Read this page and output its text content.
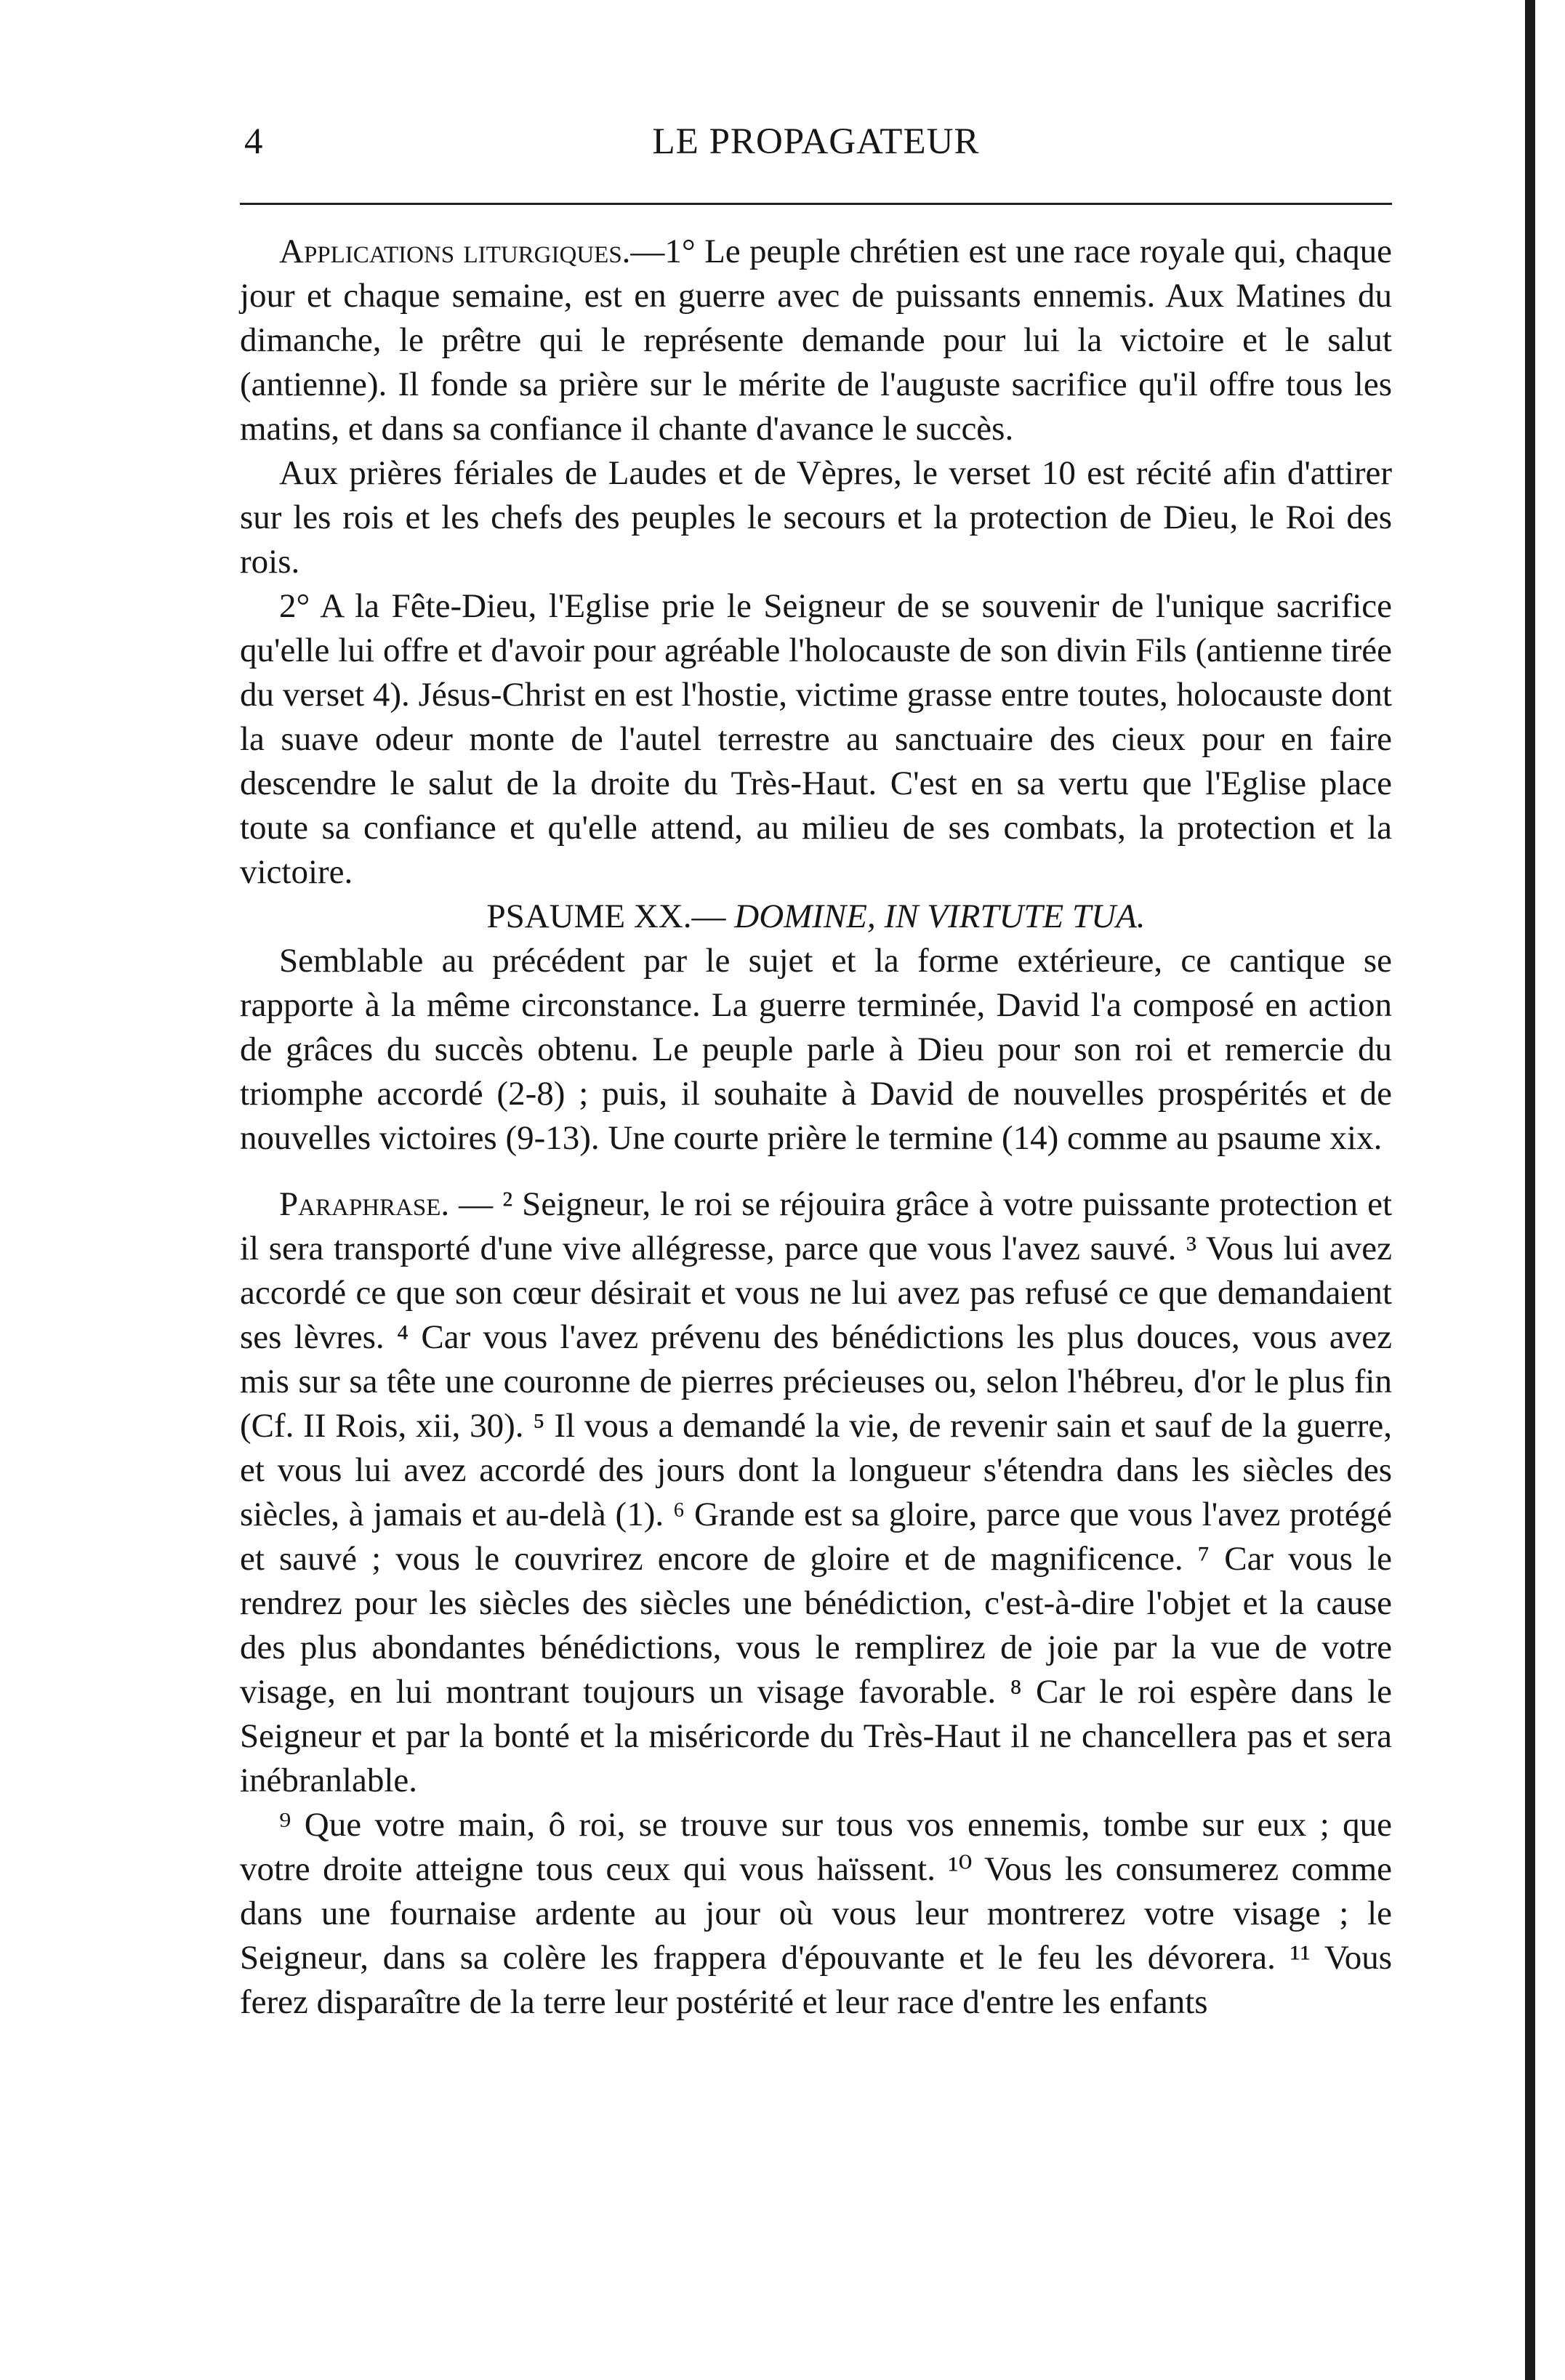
4	LE PROPAGATEUR

Applications liturgiques.—1° Le peuple chrétien est une race royale qui, chaque jour et chaque semaine, est en guerre avec de puissants ennemis. Aux Matines du dimanche, le prêtre qui le représente demande pour lui la victoire et le salut (antienne). Il fonde sa prière sur le mérite de l'auguste sacrifice qu'il offre tous les matins, et dans sa confiance il chante d'avance le succès.

Aux prières fériales de Laudes et de Vèpres, le verset 10 est récité afin d'attirer sur les rois et les chefs des peuples le secours et la protection de Dieu, le Roi des rois.

2° A la Fête-Dieu, l'Eglise prie le Seigneur de se souvenir de l'unique sacrifice qu'elle lui offre et d'avoir pour agréable l'holocauste de son divin Fils (antienne tirée du verset 4). Jésus-Christ en est l'hostie, victime grasse entre toutes, holocauste dont la suave odeur monte de l'autel terrestre au sanctuaire des cieux pour en faire descendre le salut de la droite du Très-Haut. C'est en sa vertu que l'Eglise place toute sa confiance et qu'elle attend, au milieu de ses combats, la protection et la victoire.

PSAUME XX.— DOMINE, IN VIRTUTE TUA.

Semblable au précédent par le sujet et la forme extérieure, ce cantique se rapporte à la même circonstance. La guerre terminée, David l'a composé en action de grâces du succès obtenu. Le peuple parle à Dieu pour son roi et remercie du triomphe accordé (2-8) ; puis, il souhaite à David de nouvelles prospérités et de nouvelles victoires (9-13). Une courte prière le termine (14) comme au psaume xix.

Paraphrase. — ² Seigneur, le roi se réjouira grâce à votre puissante protection et il sera transporté d'une vive allégresse, parce que vous l'avez sauvé. ³ Vous lui avez accordé ce que son cœur désirait et vous ne lui avez pas refusé ce que demandaient ses lèvres. ⁴ Car vous l'avez prévenu des bénédictions les plus douces, vous avez mis sur sa tête une couronne de pierres précieuses ou, selon l'hébreu, d'or le plus fin (Cf. II Rois, xii, 30). ⁵ Il vous a demandé la vie, de revenir sain et sauf de la guerre, et vous lui avez accordé des jours dont la longueur s'étendra dans les siècles des siècles, à jamais et au-delà (1). ⁶ Grande est sa gloire, parce que vous l'avez protégé et sauvé ; vous le couvrirez encore de gloire et de magnificence. ⁷ Car vous le rendrez pour les siècles des siècles une bénédiction, c'est-à-dire l'objet et la cause des plus abondantes bénédictions, vous le remplirez de joie par la vue de votre visage, en lui montrant toujours un visage favorable. ⁸ Car le roi espère dans le Seigneur et par la bonté et la miséricorde du Très-Haut il ne chancellera pas et sera inébranlable.

⁹ Que votre main, ô roi, se trouve sur tous vos ennemis, tombe sur eux ; que votre droite atteigne tous ceux qui vous haïssent. ¹⁰ Vous les consumerez comme dans une fournaise ardente au jour où vous leur montrerez votre visage ; le Seigneur, dans sa colère les frappera d'épouvante et le feu les dévorera. ¹¹ Vous ferez disparaître de la terre leur postérité et leur race d'entre les enfants
